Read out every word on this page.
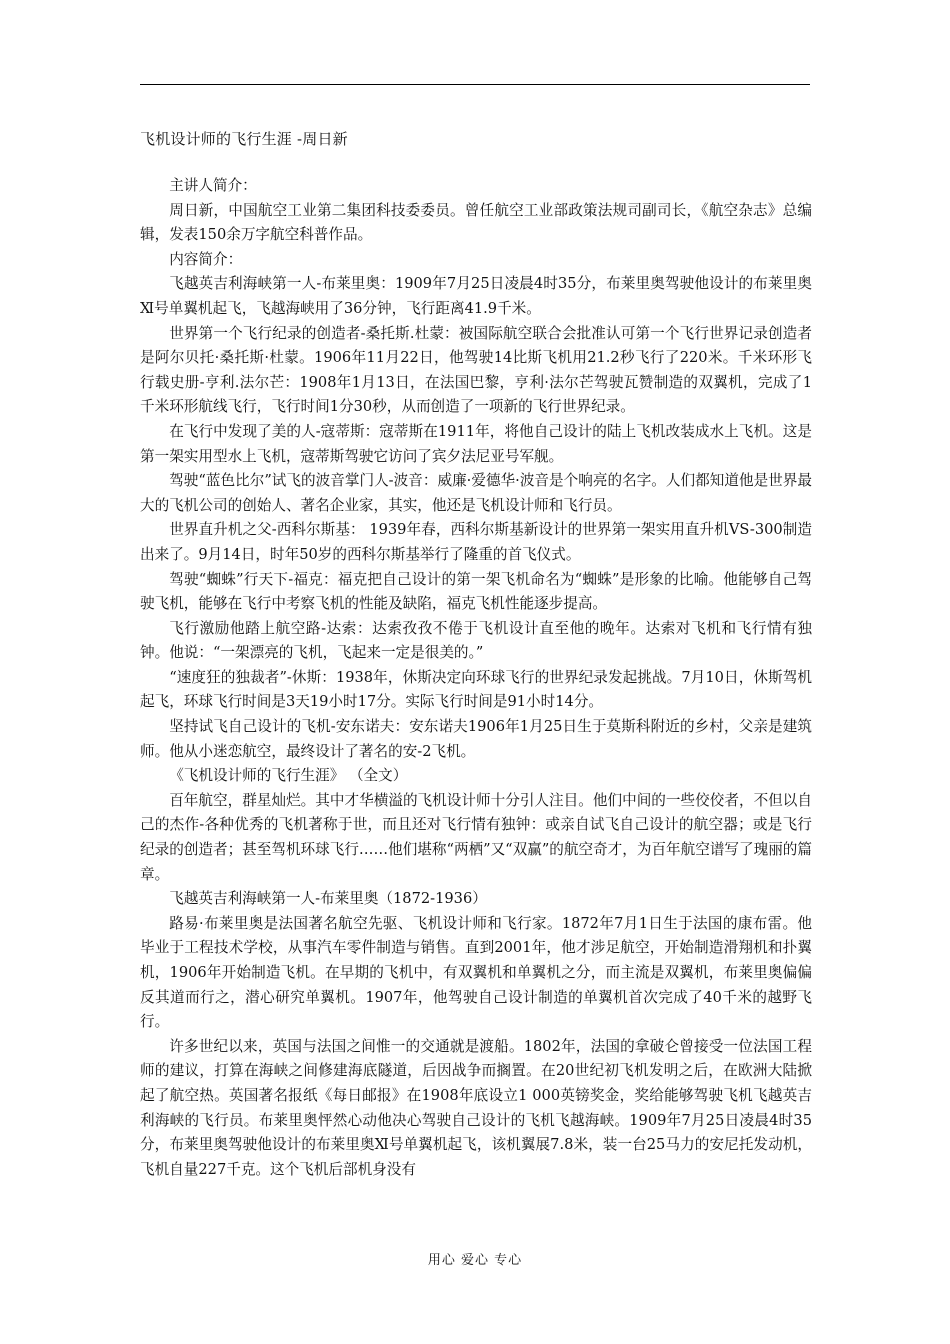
飞机设计师的飞行生涯 -周日新

主讲人简介：

周日新，中国航空工业第二集团科技委委员。曾任航空工业部政策法规司副司长，《航空杂志》总编辑，发表150余万字航空科普作品。

内容简介：

飞越英吉利海峡第一人-布莱里奥：1909年7月25日凌晨4时35分，布莱里奥驾驶他设计的布莱里奥Ⅺ号单翼机起飞，飞越海峡用了36分钟，飞行距离41.9千米。

世界第一个飞行纪录的创造者-桑托斯.杜蒙：被国际航空联合会批准认可第一个飞行世界记录创造者是阿尔贝托·桑托斯·杜蒙。1906年11月22日，他驾驶14比斯飞机用21.2秒飞行了220米。千米环形飞行载史册-亨利.法尔芒：1908年1月13日，在法国巴黎，亨利·法尔芒驾驶瓦赞制造的双翼机，完成了1千米环形航线飞行，飞行时间1分30秒，从而创造了一项新的飞行世界纪录。

在飞行中发现了美的人-寇蒂斯：寇蒂斯在1911年，将他自己设计的陆上飞机改装成水上飞机。这是第一架实用型水上飞机，寇蒂斯驾驶它访问了宾夕法尼亚号军舰。

驾驶“蓝色比尔”试飞的波音掌门人-波音：威廉·爱德华·波音是个响亮的名字。人们都知道他是世界最大的飞机公司的创始人、著名企业家，其实，他还是飞机设计师和飞行员。

世界直升机之父-西科尔斯基： 1939年春，西科尔斯基新设计的世界第一架实用直升机VS-300制造出来了。9月14日，时年50岁的西科尔斯基举行了隆重的首飞仪式。

驾驶“蜘蛛”行天下-福克：福克把自己设计的第一架飞机命名为“蜘蛛”是形象的比喻。他能够自己驾驶飞机，能够在飞行中考察飞机的性能及缺陷，福克飞机性能逐步提高。

飞行激励他踏上航空路-达索：达索孜孜不倦于飞机设计直至他的晚年。达索对飞机和飞行情有独钟。他说：“一架漂亮的飞机，飞起来一定是很美的。”

“速度狂的独裁者”-休斯：1938年，休斯决定向环球飞行的世界纪录发起挑战。7月10日，休斯驾机起飞，环球飞行时间是3天19小时17分。实际飞行时间是91小时14分。

坚持试飞自己设计的飞机-安东诺夫：安东诺夫1906年1月25日生于莫斯科附近的乡村，父亲是建筑师。他从小迷恋航空，最终设计了著名的安-2飞机。

《飞机设计师的飞行生涯》 （全文）

百年航空，群星灿烂。其中才华横溢的飞机设计师十分引人注目。他们中间的一些佼佼者，不但以自己的杰作-各种优秀的飞机著称于世，而且还对飞行情有独钟：或亲自试飞自己设计的航空器；或是飞行纪录的创造者；甚至驾机环球飞行……他们堪称“两栖”又“双赢”的航空奇才，为百年航空谱写了瑰丽的篇章。

飞越英吉利海峡第一人-布莱里奥（1872-1936）

路易·布莱里奥是法国著名航空先驱、飞机设计师和飞行家。1872年7月1日生于法国的康布雷。他毕业于工程技术学校，从事汽车零件制造与销售。直到2001年，他才涉足航空，开始制造滑翔机和扑翼机，1906年开始制造飞机。在早期的飞机中，有双翼机和单翼机之分，而主流是双翼机，布莱里奥偏偏反其道而行之，潜心研究单翼机。1907年，他驾驶自己设计制造的单翼机首次完成了40千米的越野飞行。

许多世纪以来，英国与法国之间惟一的交通就是渡船。1802年，法国的拿破仑曾接受一位法国工程师的建议，打算在海峡之间修建海底隧道，后因战争而搁置。在20世纪初飞机发明之后，在欧洲大陆掀起了航空热。英国著名报纸《每日邮报》在1908年底设立1 000英镑奖金，奖给能够驾驶飞机飞越英吉利海峡的飞行员。布莱里奥怦然心动他决心驾驶自己设计的飞机飞越海峡。1909年7月25日凌晨4时35分，布莱里奥驾驶他设计的布莱里奥Ⅺ号单翼机起飞，该机翼展7.8米，装一台25马力的安尼托发动机，飞机自量227千克。这个飞机后部机身没有

用心 爱心 专心
